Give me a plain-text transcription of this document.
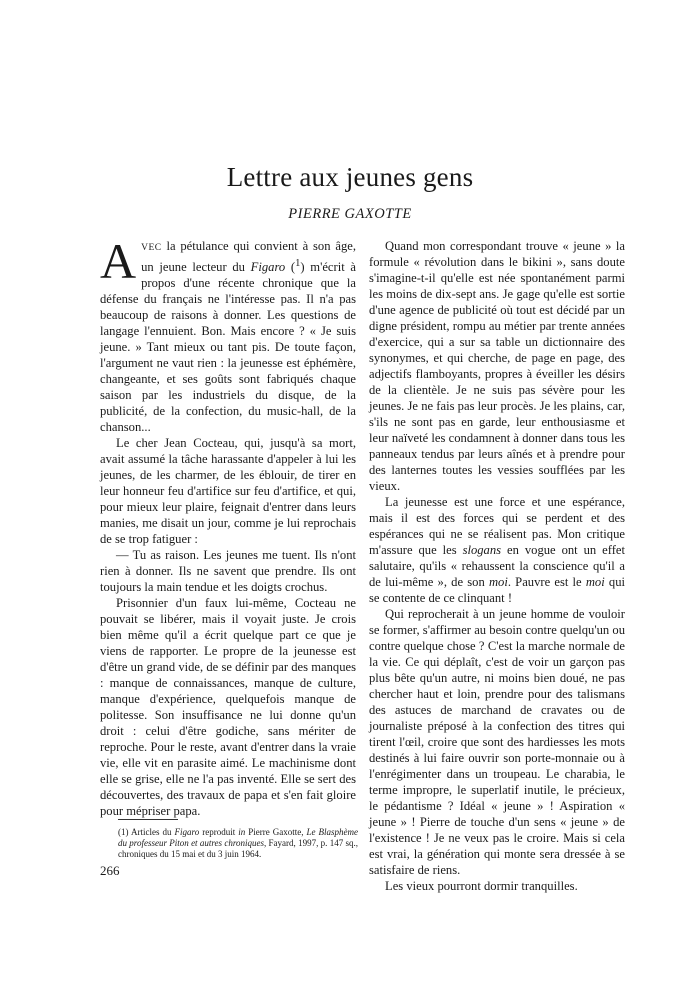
Lettre aux jeunes gens
PIERRE GAXOTTE

AVEC la pétulance qui convient à son âge, un jeune lecteur du Figaro ($^1$) m'écrit à propos d'une récente chronique que la défense du français ne l'intéresse pas. Il n'a pas beaucoup de raisons à donner. Les questions de langage l'ennuient. Bon. Mais encore ? « Je suis jeune. » Tant mieux ou tant pis. De toute façon, l'argument ne vaut rien : la jeunesse est éphémère, changeante, et ses goûts sont fabriqués chaque saison par les industriels du disque, de la publicité, de la confection, du music-hall, de la chanson...

Le cher Jean Cocteau, qui, jusqu'à sa mort, avait assumé la tâche harassante d'appeler à lui les jeunes, de les charmer, de les éblouir, de tirer en leur honneur feu d'artifice sur feu d'artifice, et qui, pour mieux leur plaire, feignait d'entrer dans leurs manies, me disait un jour, comme je lui reprochais de se trop fatiguer :

— Tu as raison. Les jeunes me tuent. Ils n'ont rien à donner. Ils ne savent que prendre. Ils ont toujours la main tendue et les doigts crochus.

Prisonnier d'un faux lui-même, Cocteau ne pouvait se libérer, mais il voyait juste. Je crois bien même qu'il a écrit quelque part ce que je viens de rapporter. Le propre de la jeunesse est d'être un grand vide, de se définir par des manques : manque de connaissances, manque de culture, manque d'expérience, quelquefois manque de politesse. Son insuffisance ne lui donne qu'un droit : celui d'être godiche, sans mériter de reproche. Pour le reste, avant d'entrer dans la vraie vie, elle vit en parasite aimé. Le machinisme dont elle se grise, elle ne l'a pas inventé. Elle se sert des découvertes, des travaux de papa et s'en fait gloire pour mépriser papa.

Quand mon correspondant trouve « jeune » la formule « révolution dans le bikini », sans doute s'imagine-t-il qu'elle est née spontanément parmi les moins de dix-sept ans. Je gage qu'elle est sortie d'une agence de publicité où tout est décidé par un digne président, rompu au métier par trente années d'exercice, qui a sur sa table un dictionnaire des synonymes, et qui cherche, de page en page, des adjectifs flamboyants, propres à éveiller les désirs de la clientèle. Je ne suis pas sévère pour les jeunes. Je ne fais pas leur procès. Je les plains, car, s'ils ne sont pas en garde, leur enthousiasme et leur naïveté les condamnent à donner dans tous les panneaux tendus par leurs aînés et à prendre pour des lanternes toutes les vessies soufflées par les vieux.

La jeunesse est une force et une espérance, mais il est des forces qui se perdent et des espérances qui ne se réalisent pas. Mon critique m'assure que les slogans en vogue ont un effet salutaire, qu'ils « rehaussent la conscience qu'il a de lui-même », de son moi. Pauvre est le moi qui se contente de ce clinquant !

Qui reprocherait à un jeune homme de vouloir se former, s'affirmer au besoin contre quelqu'un ou contre quelque chose ? C'est la marche normale de la vie. Ce qui déplaît, c'est de voir un garçon pas plus bête qu'un autre, ni moins bien doué, ne pas chercher haut et loin, prendre pour des talismans des astuces de marchand de cravates ou de journaliste préposé à la confection des titres qui tirent l'œil, croire que sont des hardiesses les mots destinés à lui faire ouvrir son porte-monnaie ou à l'enrégimenter dans un troupeau. Le charabia, le terme impropre, le superlatif inutile, le précieux, le pédantisme ? Idéal « jeune » ! Aspiration « jeune » ! Pierre de touche d'un sens « jeune » de l'existence ! Je ne veux pas le croire. Mais si cela est vrai, la génération qui monte sera dressée à se satisfaire de riens.

Les vieux pourront dormir tranquilles.

(1) Articles du Figaro reproduit in Pierre Gaxotte, Le Blasphème du professeur Piton et autres chroniques, Fayard, 1997, p. 147 sq., chroniques du 15 mai et du 3 juin 1964.
266
